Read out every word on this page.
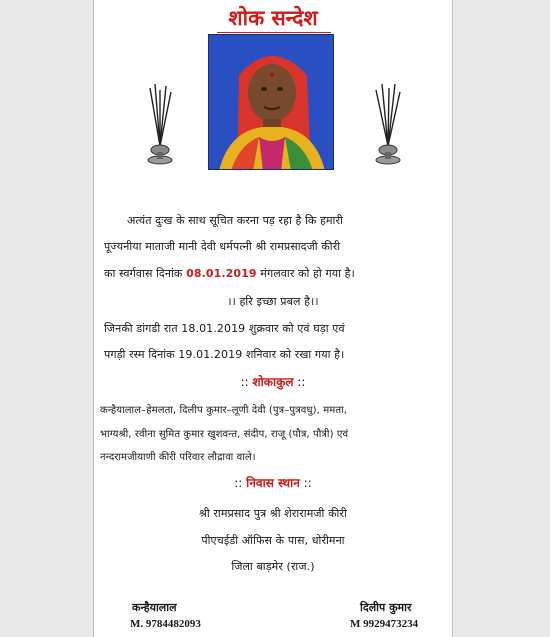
शोक सन्देश
अत्यंत दुःख के साथ सूचित करना पड़ रहा है कि हमारी
पूज्यनीया माताजी मानी देवी धर्मपत्नी श्री रामप्रसादजी कीरी
का स्वर्गवास दिनांक 08.01.2019 मंगलवार को हो गया है।
।। हरि इच्छा प्रबल है।।
जिनकी डांगडी रात 18.01.2019 शुक्रवार को एवं घड़ा एवं
पगड़ी रस्म दिनांक 19.01.2019 शनिवार को रखा गया है।
:: शोकाकुल ::
कन्हैयालाल–हेमलता, दिलीप कुमार–लूणी देवी (पुत्र–पुत्रवधु), ममता,
भाग्यश्री, रवीना सुमित कुमार खुशवन्त, संदीप, राजू (पौत्र, पौत्री) एवं
नन्दरामजीयाणी कीरी परिवार लौद्रावा वाले।
:: निवास स्थान ::
श्री रामप्रसाद पुत्र श्री शेरारामजी कीरी
पीएचईडी ऑफिस के पास, धोरीमना
जिला बाड़मेर (राज.)
कन्हैयालाल
M. 9784482093
दिलीप कुमार
M 9929473234
